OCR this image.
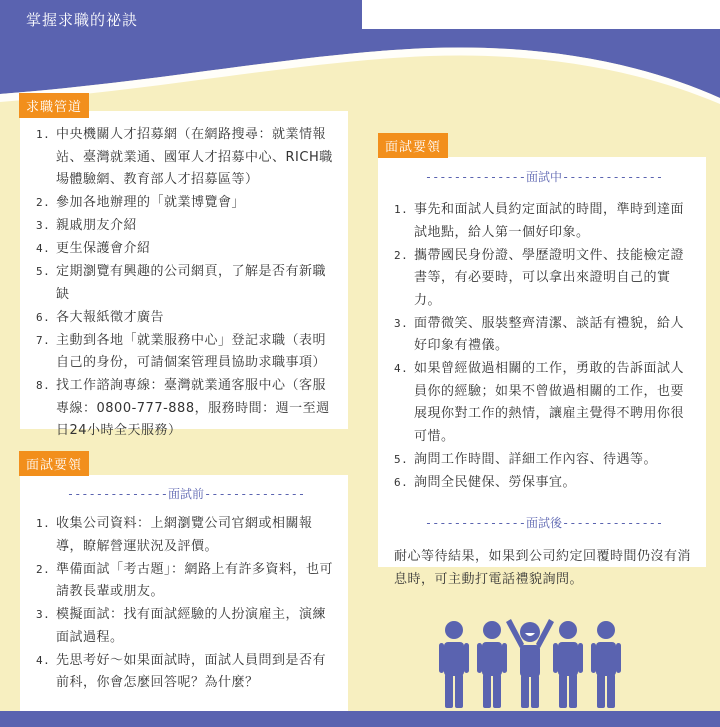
掌握求職的祕訣
求職管道
1. 中央機關人才招募網（在網路搜尋：就業情報站、臺灣就業通、國軍人才招募中心、RICH職場體驗網、教育部人才招募區等）
2. 參加各地辦理的「就業博覽會」
3. 親戚朋友介紹
4. 更生保護會介紹
5. 定期瀏覽有興趣的公司網頁，了解是否有新職缺
6. 各大報紙徵才廣告
7. 主動到各地「就業服務中心」登記求職（表明自己的身份，可請個案管理員協助求職事項）
8. 找工作諮詢專線：臺灣就業通客服中心（客服專線：0800-777-888，服務時間：週一至週日24小時全天服務）
面試要領
--------------面試前--------------
1. 收集公司資料：上網瀏覽公司官網或相關報導，瞭解營運狀況及評價。
2. 準備面試「考古題」：網路上有許多資料，也可請教長輩或朋友。
3. 模擬面試：找有面試經驗的人扮演雇主，演練面試過程。
4. 先思考好～如果面試時，面試人員問到是否有前科，你會怎麼回答呢？為什麼？
面試要領
--------------面試中--------------
1. 事先和面試人員約定面試的時間，準時到達面試地點，給人第一個好印象。
2. 攜帶國民身份證、學歷證明文件、技能檢定證書等，有必要時，可以拿出來證明自己的實力。
3. 面帶微笑、服裝整齊清潔、談話有禮貌，給人好印象有禮儀。
4. 如果曾經做過相關的工作，勇敢的告訴面試人員你的經驗；如果不曾做過相關的工作，也要展現你對工作的熱情，讓雇主覺得不聘用你很可惜。
5. 詢問工作時間、詳細工作內容、待遇等。
6. 詢問全民健保、勞保事宜。
--------------面試後--------------
耐心等待結果，如果到公司約定回覆時間仍沒有消息時，可主動打電話禮貌詢問。
